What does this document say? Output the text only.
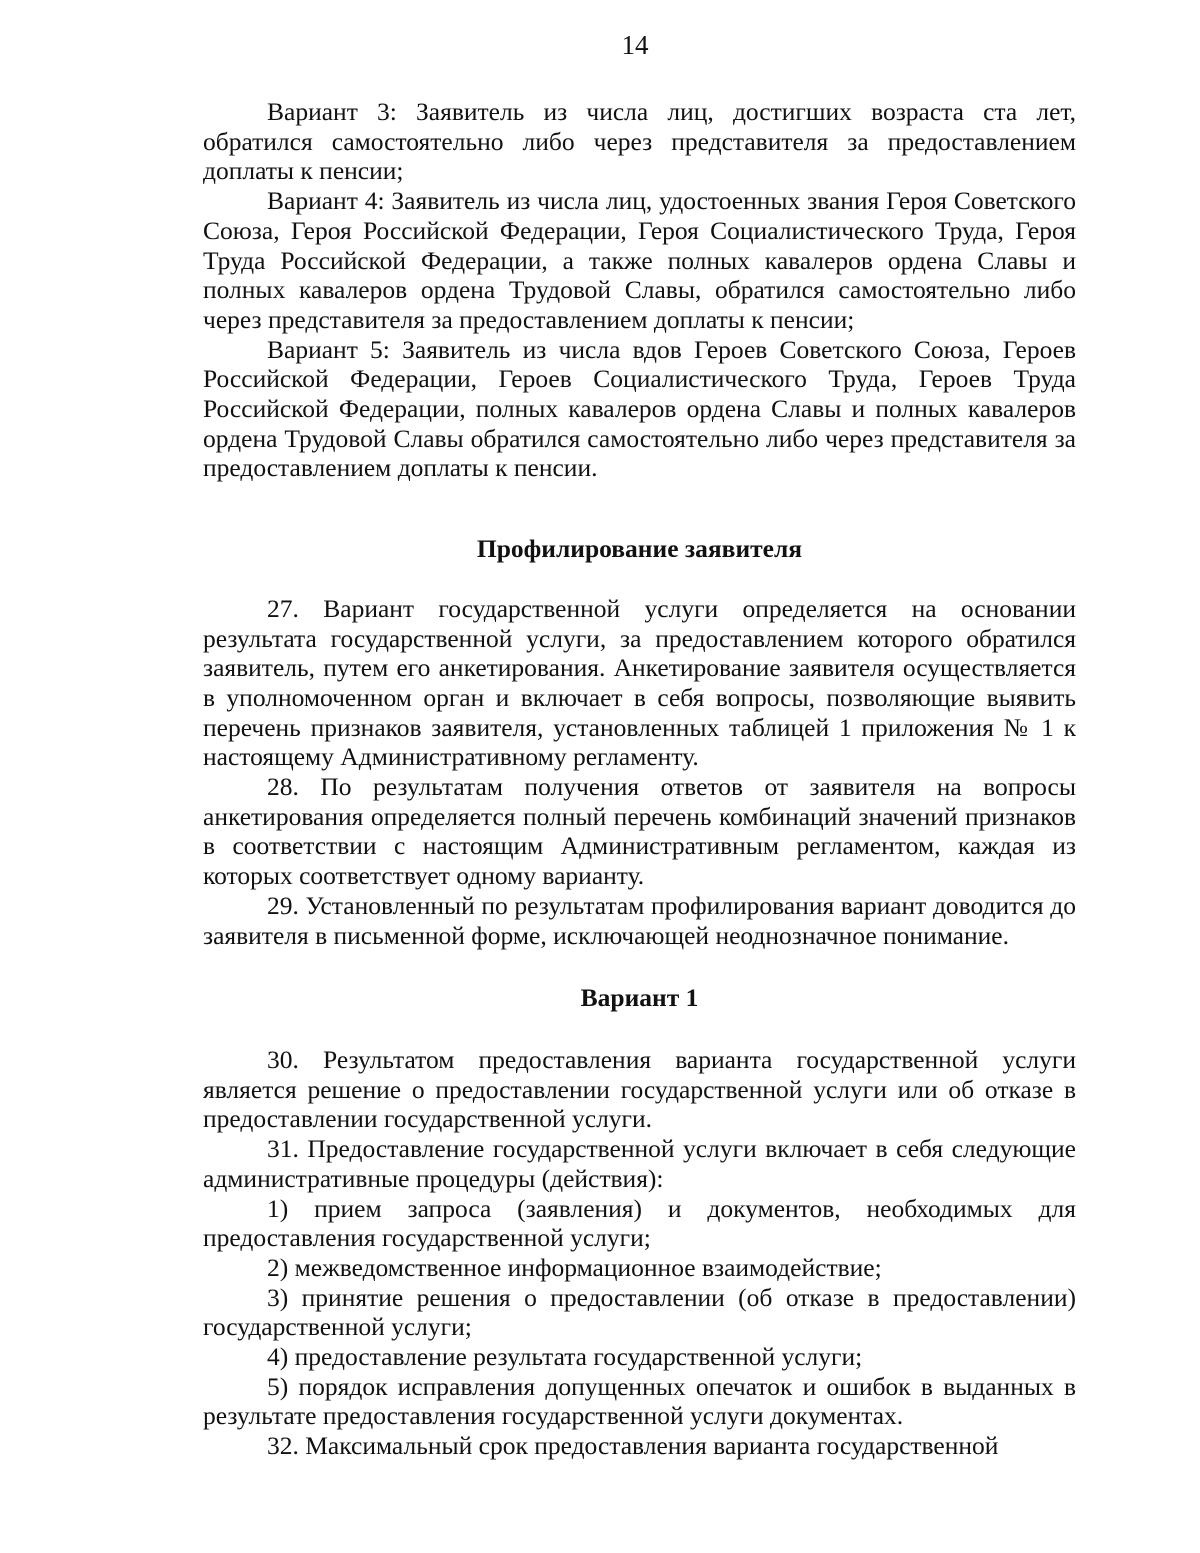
14

Вариант 3: Заявитель из числа лиц, достигших возраста ста лет, обратился самостоятельно либо через представителя за предоставлением доплаты к пенсии;

Вариант 4: Заявитель из числа лиц, удостоенных звания Героя Советского Союза, Героя Российской Федерации, Героя Социалистического Труда, Героя Труда Российской Федерации, а также полных кавалеров ордена Славы и полных кавалеров ордена Трудовой Славы, обратился самостоятельно либо через представителя за предоставлением доплаты к пенсии;

Вариант 5: Заявитель из числа вдов Героев Советского Союза, Героев Российской Федерации, Героев Социалистического Труда, Героев Труда Российской Федерации, полных кавалеров ордена Славы и полных кавалеров ордена Трудовой Славы обратился самостоятельно либо через представителя за предоставлением доплаты к пенсии.

Профилирование заявителя

27. Вариант государственной услуги определяется на основании результата государственной услуги, за предоставлением которого обратился заявитель, путем его анкетирования. Анкетирование заявителя осуществляется в уполномоченном орган и включает в себя вопросы, позволяющие выявить перечень признаков заявителя, установленных таблицей 1 приложения № 1 к настоящему Административному регламенту.

28. По результатам получения ответов от заявителя на вопросы анкетирования определяется полный перечень комбинаций значений признаков в соответствии с настоящим Административным регламентом, каждая из которых соответствует одному варианту.

29. Установленный по результатам профилирования вариант доводится до заявителя в письменной форме, исключающей неоднозначное понимание.

Вариант 1

30. Результатом предоставления варианта государственной услуги является решение о предоставлении государственной услуги или об отказе в предоставлении государственной услуги.

31. Предоставление государственной услуги включает в себя следующие административные процедуры (действия):

1) прием запроса (заявления) и документов, необходимых для предоставления государственной услуги;

2) межведомственное информационное взаимодействие;

3) принятие решения о предоставлении (об отказе в предоставлении) государственной услуги;

4) предоставление результата государственной услуги;

5) порядок исправления допущенных опечаток и ошибок в выданных в результате предоставления государственной услуги документах.

32. Максимальный срок предоставления варианта государственной
